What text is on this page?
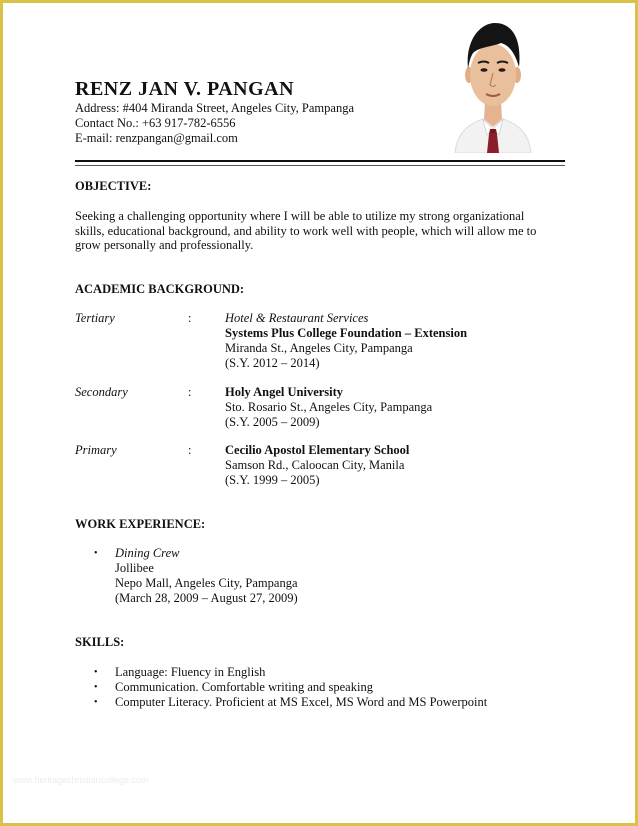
RENZ JAN V. PANGAN

Address: #404 Miranda Street, Angeles City, Pampanga

Contact No.: +63 917-782-6556

E-mail: renzpangan@gmail.com

OBJECTIVE:

Seeking a challenging opportunity where I will be able to utilize my strong organizational
skills, educational background, and ability to work well with people, which will allow me to
grow personally and professionally.

ACADEMIC BACKGROUND:

Tertiary	:	Hotel & Restaurant Services

Systems Plus College Foundation – Extension

Miranda St., Angeles City, Pampanga

(S.Y. 2012 – 2014)

Secondary	:	Holy Angel University

Sto. Rosario St., Angeles City, Pampanga

(S.Y. 2005 – 2009)

Primary	:	Cecilio Apostol Elementary School

Samson Rd., Caloocan City, Manila

(S.Y. 1999 – 2005)

WORK EXPERIENCE:

• Dining Crew

Jollibee

Nepo Mall, Angeles City, Pampanga

(March 28, 2009 – August 27, 2009)

SKILLS:

• Language: Fluency in English

• Communication. Comfortable writing and speaking

• Computer Literacy. Proficient at MS Excel, MS Word and MS Powerpoint

www.heritagechristiancollege.com
